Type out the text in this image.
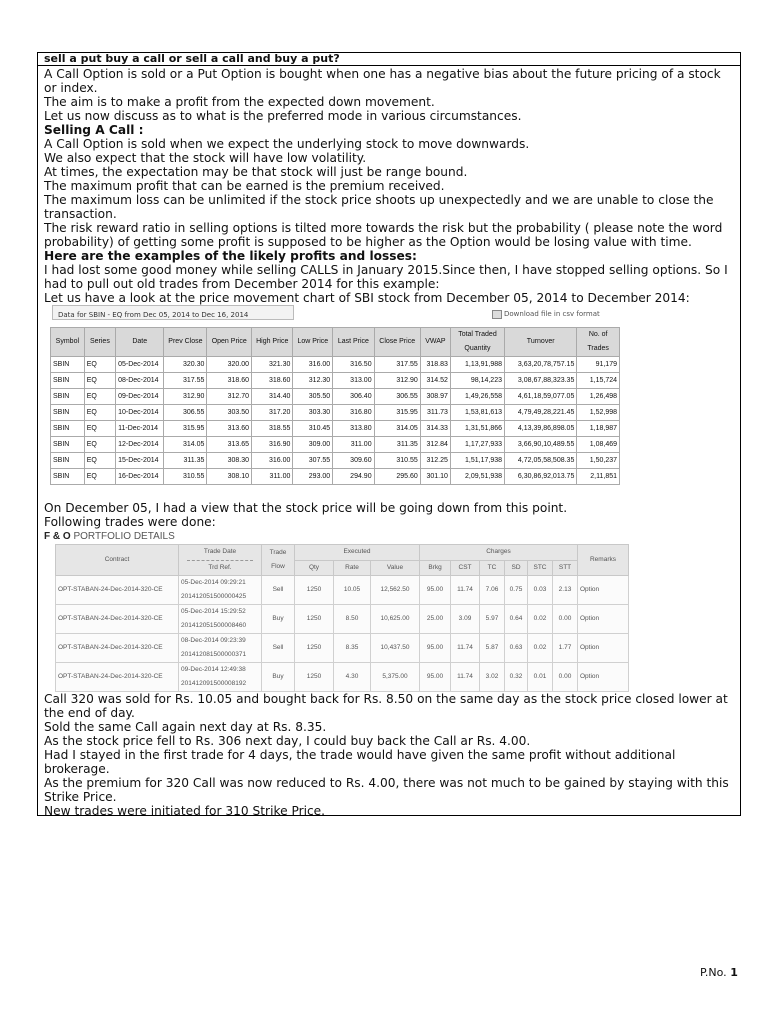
sell a put buy a call or sell a call and buy a put?

A Call Option is sold or a Put Option is bought when one has a negative bias about the future pricing of a stock or index.

The aim is to make a profit from the expected down movement.

Let us now discuss as to what is the preferred mode in various circumstances.

Selling A Call :

A Call Option is sold when we expect the underlying stock to move downwards.

We also expect that the stock will have low volatility.

At times, the expectation may be that stock will just be range bound.

The maximum profit that can be earned is the premium received.

The maximum loss can be unlimited if the stock price shoots up unexpectedly and we are unable to close the transaction.

The risk reward ratio in selling options is tilted more towards the risk but the probability ( please note the word probability) of getting some profit is supposed to be higher as the Option would be losing value with time.

Here are the examples of the likely profits and losses:

I had lost some good money while selling CALLS in January 2015.Since then, I have stopped selling options. So I had to pull out old trades from December 2014 for this example:

Let us have a look at the price movement chart of SBI stock from December 05, 2014 to December 2014:

Data for SBIN - EQ from Dec 05, 2014 to Dec 16, 2014	Download file in csv format
Symbol	Series	Date	Prev Close	Open Price	High Price	Low Price	Last Price	Close Price	VWAP	Total Traded Quantity	Turnover	No. of Trades
SBIN	EQ	05-Dec-2014	320.30	320.00	321.30	316.00	316.50	317.55	318.83	1,13,91,988	3,63,20,78,757.15	91,179
SBIN	EQ	08-Dec-2014	317.55	318.60	318.60	312.30	313.00	312.90	314.52	98,14,223	3,08,67,88,323.35	1,15,724
SBIN	EQ	09-Dec-2014	312.90	312.70	314.40	305.50	306.40	306.55	308.97	1,49,26,558	4,61,18,59,077.05	1,26,498
SBIN	EQ	10-Dec-2014	306.55	303.50	317.20	303.30	316.80	315.95	311.73	1,53,81,613	4,79,49,28,221.45	1,52,998
SBIN	EQ	11-Dec-2014	315.95	313.60	318.55	310.45	313.80	314.05	314.33	1,31,51,866	4,13,39,86,898.05	1,18,987
SBIN	EQ	12-Dec-2014	314.05	313.65	316.90	309.00	311.00	311.35	312.84	1,17,27,933	3,66,90,10,489.55	1,08,469
SBIN	EQ	15-Dec-2014	311.35	308.30	316.00	307.55	309.60	310.55	312.25	1,51,17,938	4,72,05,58,508.35	1,50,237
SBIN	EQ	16-Dec-2014	310.55	308.10	311.00	293.00	294.90	295.60	301.10	2,09,51,938	6,30,86,92,013.75	2,11,851

On December 05, I had a view that the stock price will be going down from this point.

Following trades were done:

F & O PORTFOLIO DETAILS
Contract	Trade Date
Trd Ref.	Trade Flow	Executed			Charges						Remarks
			Qty	Rate	Value	Brkg	CST	TC	SD	STC	STT	
OPT-STABAN-24-Dec-2014-320-CE	05-Dec-2014 09:29:21
201412051500000425	Sell	1250	10.05	12,562.50	95.00	11.74	7.06	0.75	0.03	2.13	Option
OPT-STABAN-24-Dec-2014-320-CE	05-Dec-2014 15:29:52
201412051500008460	Buy	1250	8.50	10,625.00	25.00	3.09	5.97	0.64	0.02	0.00	Option
OPT-STABAN-24-Dec-2014-320-CE	08-Dec-2014 09:23:39
201412081500000371	Sell	1250	8.35	10,437.50	95.00	11.74	5.87	0.63	0.02	1.77	Option
OPT-STABAN-24-Dec-2014-320-CE	09-Dec-2014 12:49:38
201412091500008192	Buy	1250	4.30	5,375.00	95.00	11.74	3.02	0.32	0.01	0.00	Option

Call 320 was sold for Rs. 10.05 and bought back for Rs. 8.50 on the same day as the stock price closed lower at the end of day.

Sold the same Call again next day at Rs. 8.35.

As the stock price fell to Rs. 306 next day, I could buy back the Call ar Rs. 4.00.

Had I stayed in the first trade for 4 days, the trade would have given the same profit without additional brokerage.

As the premium for 320 Call was now reduced to Rs. 4.00, there was not much to be gained by staying with this Strike Price.

New trades were initiated for 310 Strike Price.

P.No. 1
